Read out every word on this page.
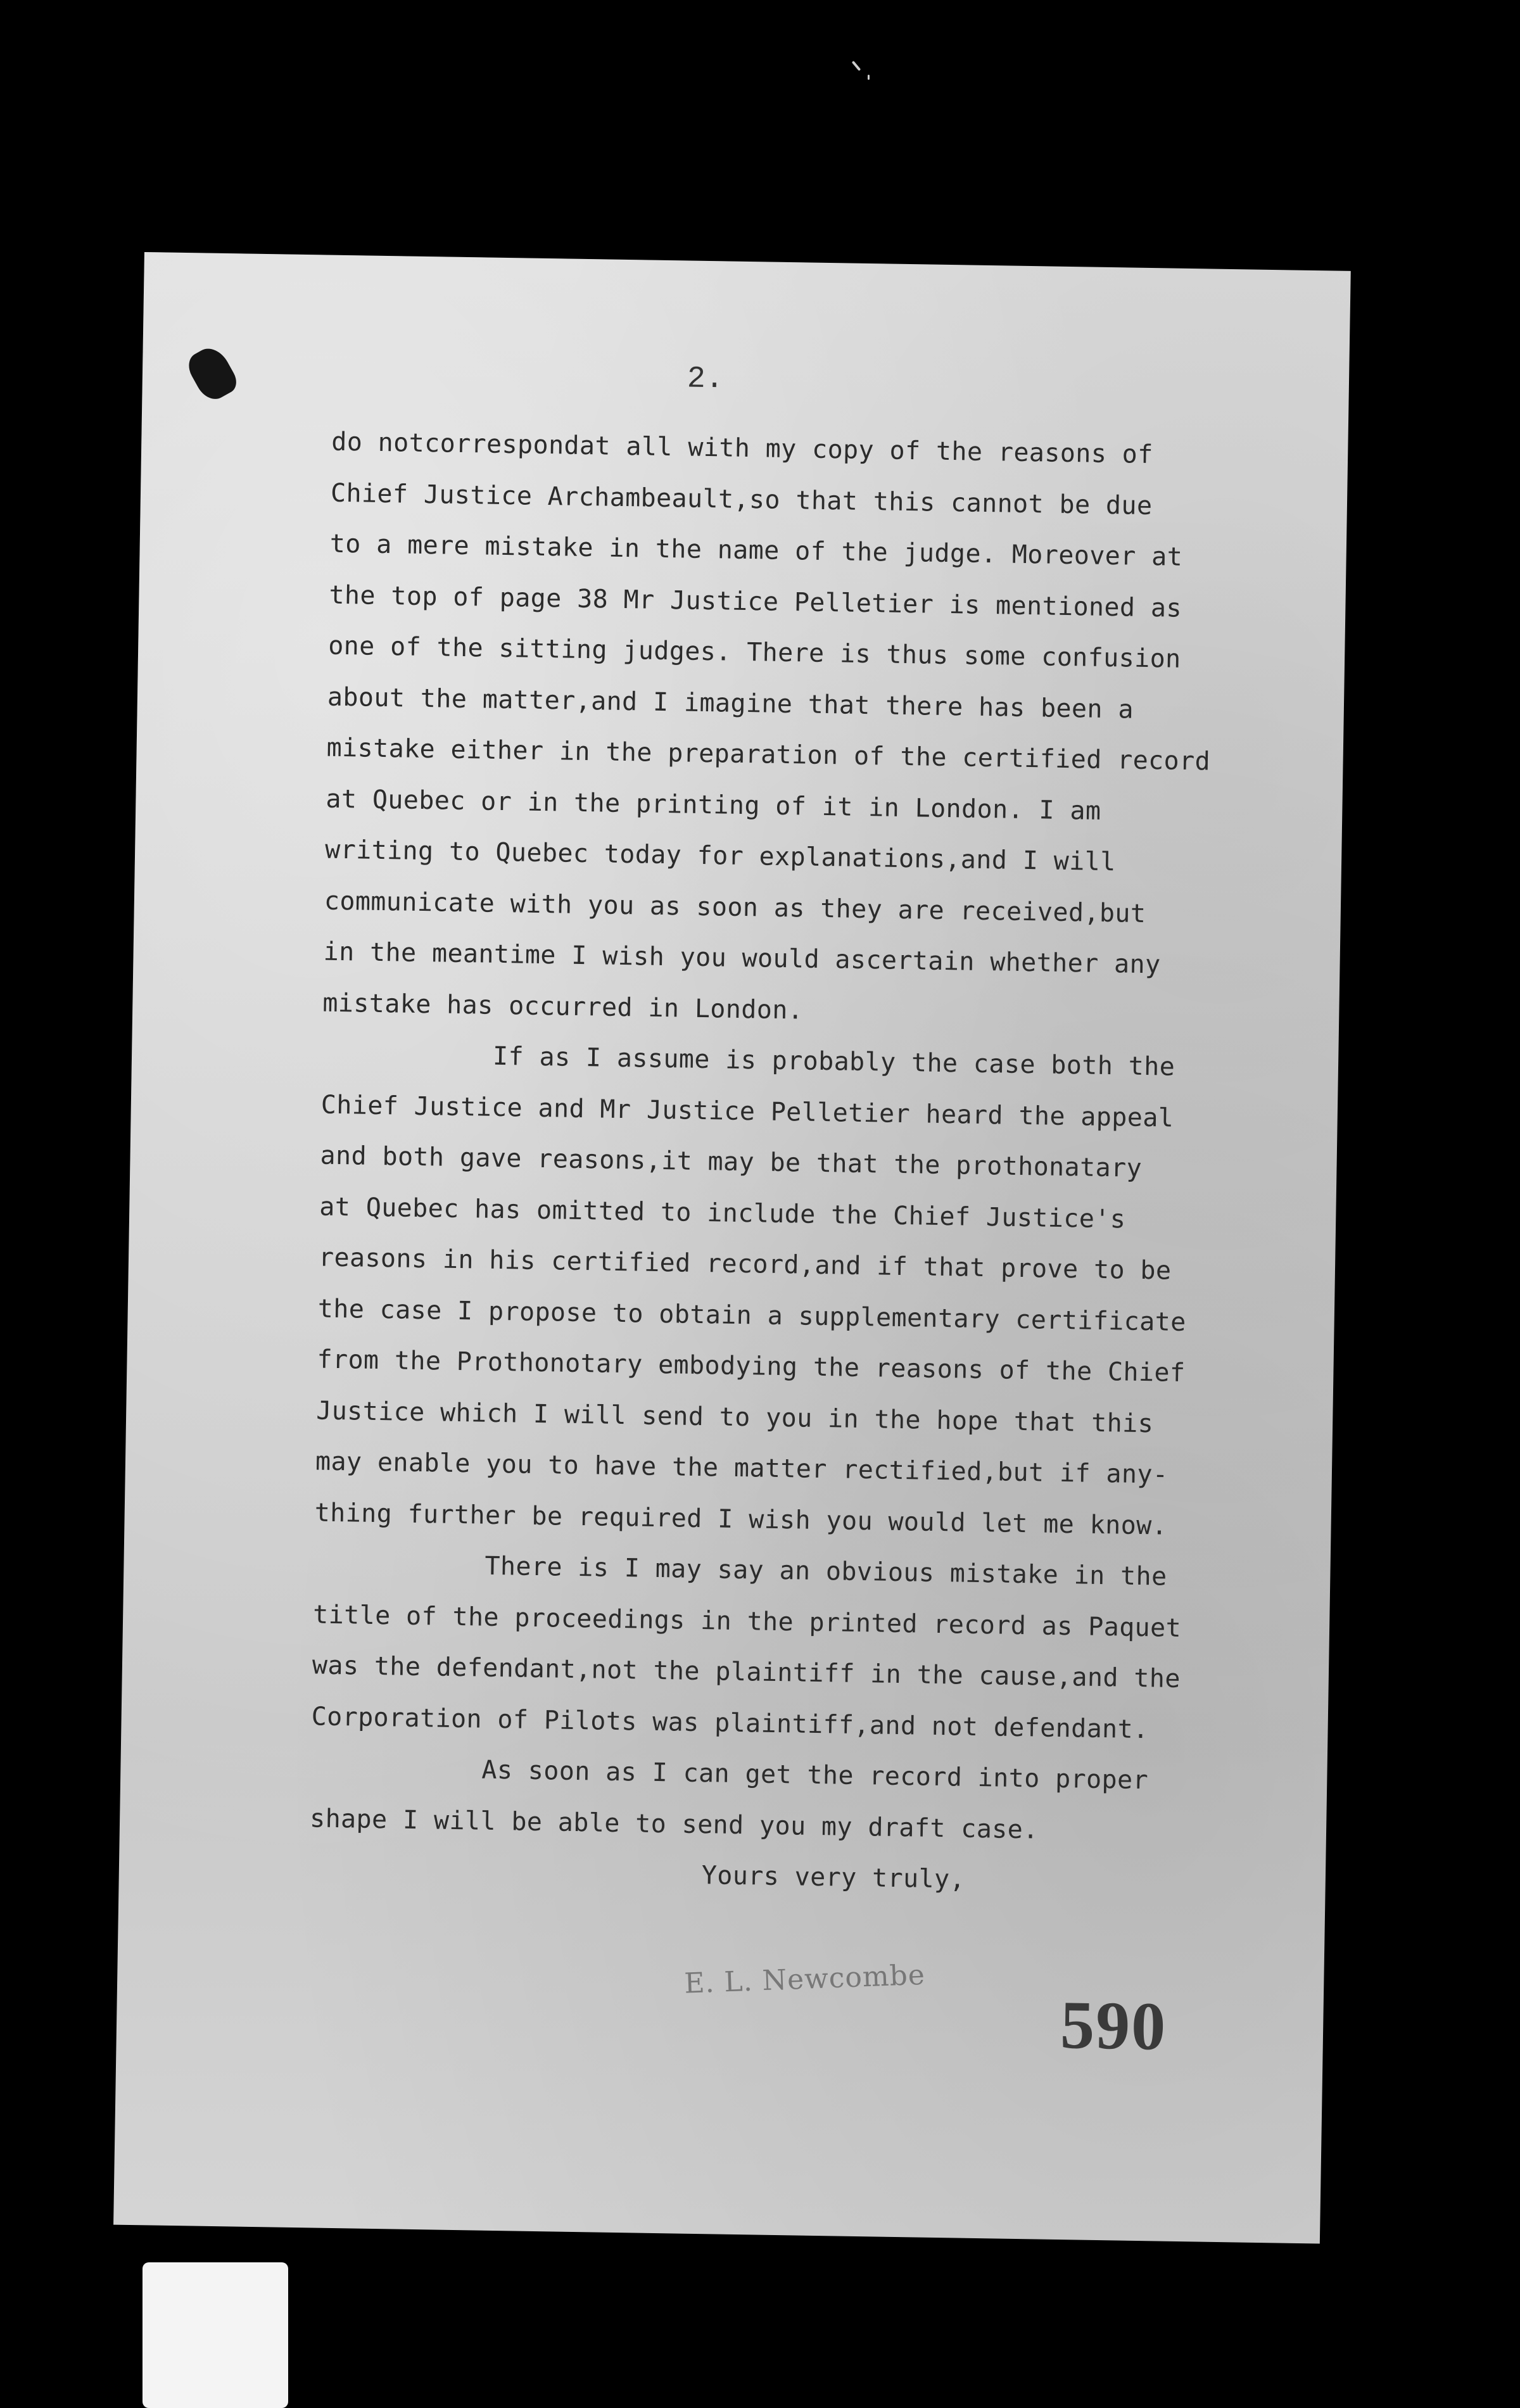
2.
do notcorrespondat all with my copy of the reasons of
Chief Justice Archambeault,so that this cannot be due
to a mere mistake in the name of the judge. Moreover at
the top of page 38 Mr Justice Pelletier is mentioned as
one of the sitting judges. There is thus some confusion
about the matter,and I imagine that there has been a
mistake either in the preparation of the certified record
at Quebec or in the printing of it in London. I am
writing to Quebec today for explanations,and I will
communicate with you as soon as they are received,but
in the meantime I wish you would ascertain whether any
mistake has occurred in London.
If as I assume is probably the case both the
Chief Justice and Mr Justice Pelletier heard the appeal
and both gave reasons,it may be that the prothonatary
at Quebec has omitted to include the Chief Justice's
reasons in his certified record,and if that prove to be
the case I propose to obtain a supplementary certificate
from the Prothonotary embodying the reasons of the Chief
Justice which I will send to you in the hope that this
may enable you to have the matter rectified,but if any-
thing further be required I wish you would let me know.
There is I may say an obvious mistake in the
title of the proceedings in the printed record as Paquet
was the defendant,not the plaintiff in the cause,and the
Corporation of Pilots was plaintiff,and not defendant.
As soon as I can get the record into proper
shape I will be able to send you my draft case.
Yours very truly,
E. L. Newcombe
590
